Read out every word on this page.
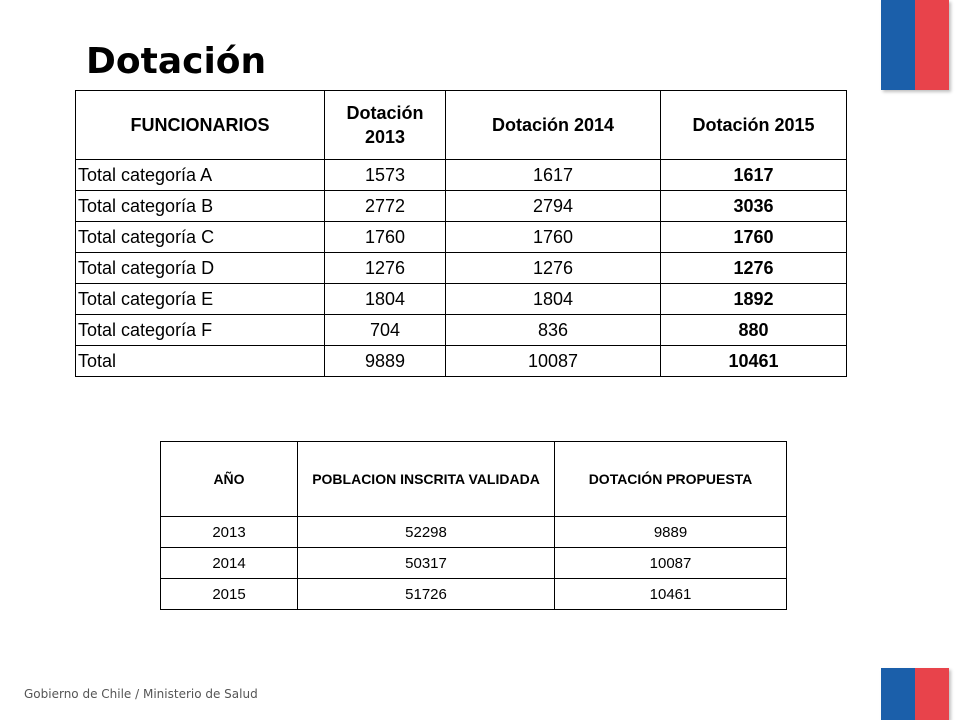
Dotación
FUNCIONARIOS	Dotación 2013	Dotación 2014	Dotación 2015
Total categoría A	1573	1617	1617
Total categoría B	2772	2794	3036
Total categoría C	1760	1760	1760
Total categoría D	1276	1276	1276
Total categoría E	1804	1804	1892
Total categoría F	704	836	880
Total	9889	10087	10461
AÑO	POBLACION INSCRITA VALIDADA	DOTACIÓN PROPUESTA
2013	52298	9889
2014	50317	10087
2015	51726	10461
Gobierno de Chile / Ministerio de Salud
